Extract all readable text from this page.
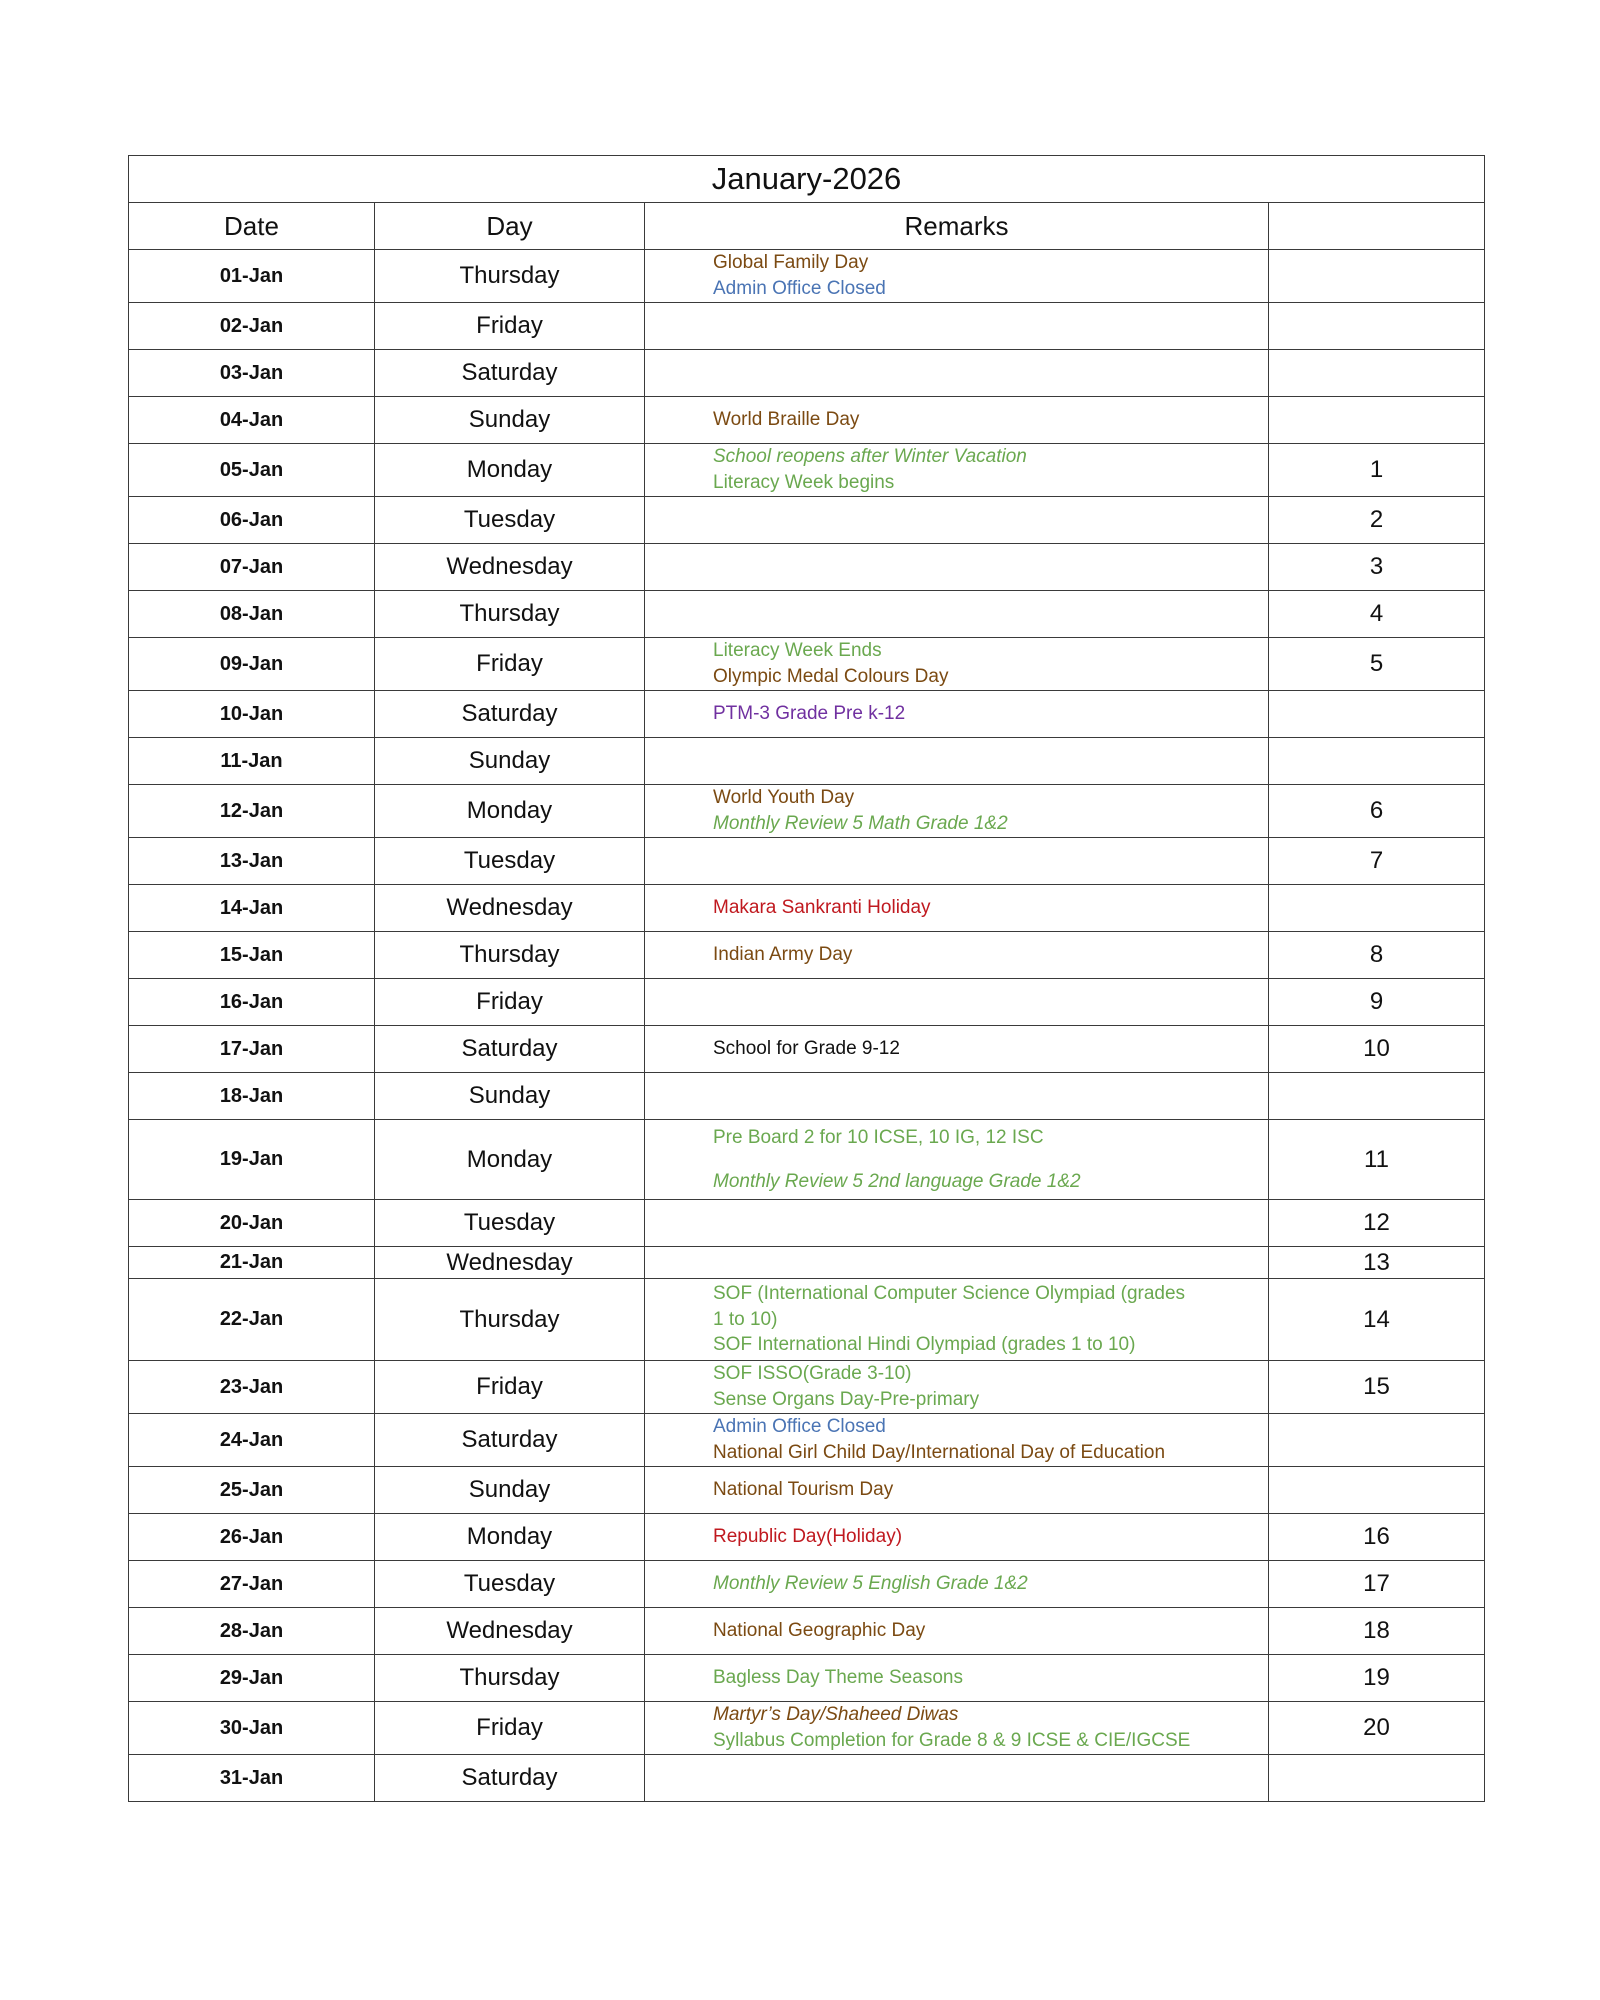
January-2026			
Date	Day	Remarks	
01-Jan	Thursday	Global Family Day
Admin Office Closed	

02-Jan	Friday		
03-Jan	Saturday		
04-Jan	Sunday	World Braille Day	

05-Jan	Monday	School reopens after Winter Vacation
Literacy Week begins	1
06-Jan	Tuesday		2
07-Jan	Wednesday		3
08-Jan	Thursday		4
09-Jan	Friday	Literacy Week Ends
Olympic Medal Colours Day	5
10-Jan	Saturday	PTM-3 Grade Pre k-12	

11-Jan	Sunday		
12-Jan	Monday	World Youth Day
Monthly Review 5 Math Grade 1&2	6
13-Jan	Tuesday		7
14-Jan	Wednesday	Makara Sankranti Holiday	

15-Jan	Thursday	Indian Army Day	8
16-Jan	Friday		9
17-Jan	Saturday	School for Grade 9-12	10
18-Jan	Sunday		
19-Jan	Monday	Pre Board 2 for 10 ICSE, 10 IG, 12 ISC
Monthly Review 5 2nd language Grade 1&2	11
20-Jan	Tuesday		12
21-Jan	Wednesday		13
22-Jan	Thursday	SOF (International Computer Science Olympiad (grades
1 to 10)
SOF International Hindi Olympiad (grades 1 to 10)	14
23-Jan	Friday	SOF ISSO(Grade 3-10)
Sense Organs Day-Pre-primary	15
24-Jan	Saturday	Admin Office Closed
National Girl Child Day/International Day of Education	

25-Jan	Sunday	National Tourism Day	

26-Jan	Monday	Republic Day(Holiday)	16
27-Jan	Tuesday	Monthly Review 5 English Grade 1&2	17
28-Jan	Wednesday	National Geographic Day	18
29-Jan	Thursday	Bagless Day Theme Seasons	19
30-Jan	Friday	Martyr’s Day/Shaheed Diwas
Syllabus Completion for Grade 8 & 9 ICSE & CIE/IGCSE	20
31-Jan	Saturday		
